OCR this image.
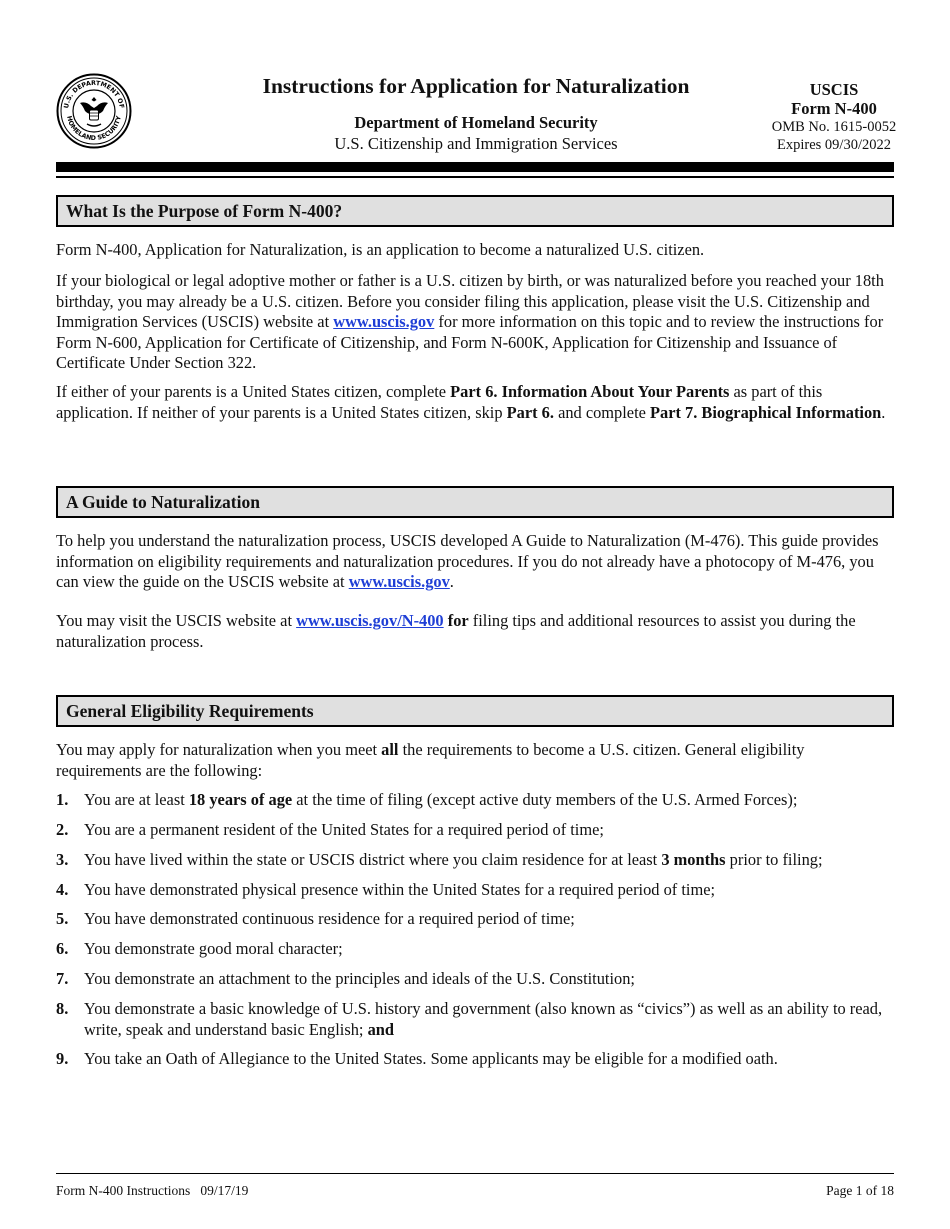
U.S. DEPARTMENT OF
HOMELAND SECURITY
Instructions for Application for Naturalization
Department of Homeland Security
U.S. Citizenship and Immigration Services
USCIS
Form N-400
OMB No. 1615-0052
Expires 09/30/2022
What Is the Purpose of Form N-400?
Form N-400, Application for Naturalization, is an application to become a naturalized U.S. citizen.
If your biological or legal adoptive mother or father is a U.S. citizen by birth, or was naturalized before you reached your 18th birthday, you may already be a U.S. citizen. Before you consider filing this application, please visit the U.S. Citizenship and Immigration Services (USCIS) website at www.uscis.gov for more information on this topic and to review the instructions for Form N-600, Application for Certificate of Citizenship, and Form N-600K, Application for Citizenship and Issuance of Certificate Under Section 322.
If either of your parents is a United States citizen, complete Part 6. Information About Your Parents as part of this application. If neither of your parents is a United States citizen, skip Part 6. and complete Part 7. Biographical Information.
A Guide to Naturalization
To help you understand the naturalization process, USCIS developed A Guide to Naturalization (M-476). This guide provides information on eligibility requirements and naturalization procedures. If you do not already have a photocopy of M-476, you can view the guide on the USCIS website at www.uscis.gov.
You may visit the USCIS website at www.uscis.gov/N-400 for filing tips and additional resources to assist you during the naturalization process.
General Eligibility Requirements
You may apply for naturalization when you meet all the requirements to become a U.S. citizen. General eligibility requirements are the following:
1. You are at least 18 years of age at the time of filing (except active duty members of the U.S. Armed Forces);
2. You are a permanent resident of the United States for a required period of time;
3. You have lived within the state or USCIS district where you claim residence for at least 3 months prior to filing;
4. You have demonstrated physical presence within the United States for a required period of time;
5. You have demonstrated continuous residence for a required period of time;
6. You demonstrate good moral character;
7. You demonstrate an attachment to the principles and ideals of the U.S. Constitution;
8. You demonstrate a basic knowledge of U.S. history and government (also known as “civics”) as well as an ability to read, write, speak and understand basic English; and
9. You take an Oath of Allegiance to the United States. Some applicants may be eligible for a modified oath.
Form N-400 Instructions   09/17/19	Page 1 of 18
